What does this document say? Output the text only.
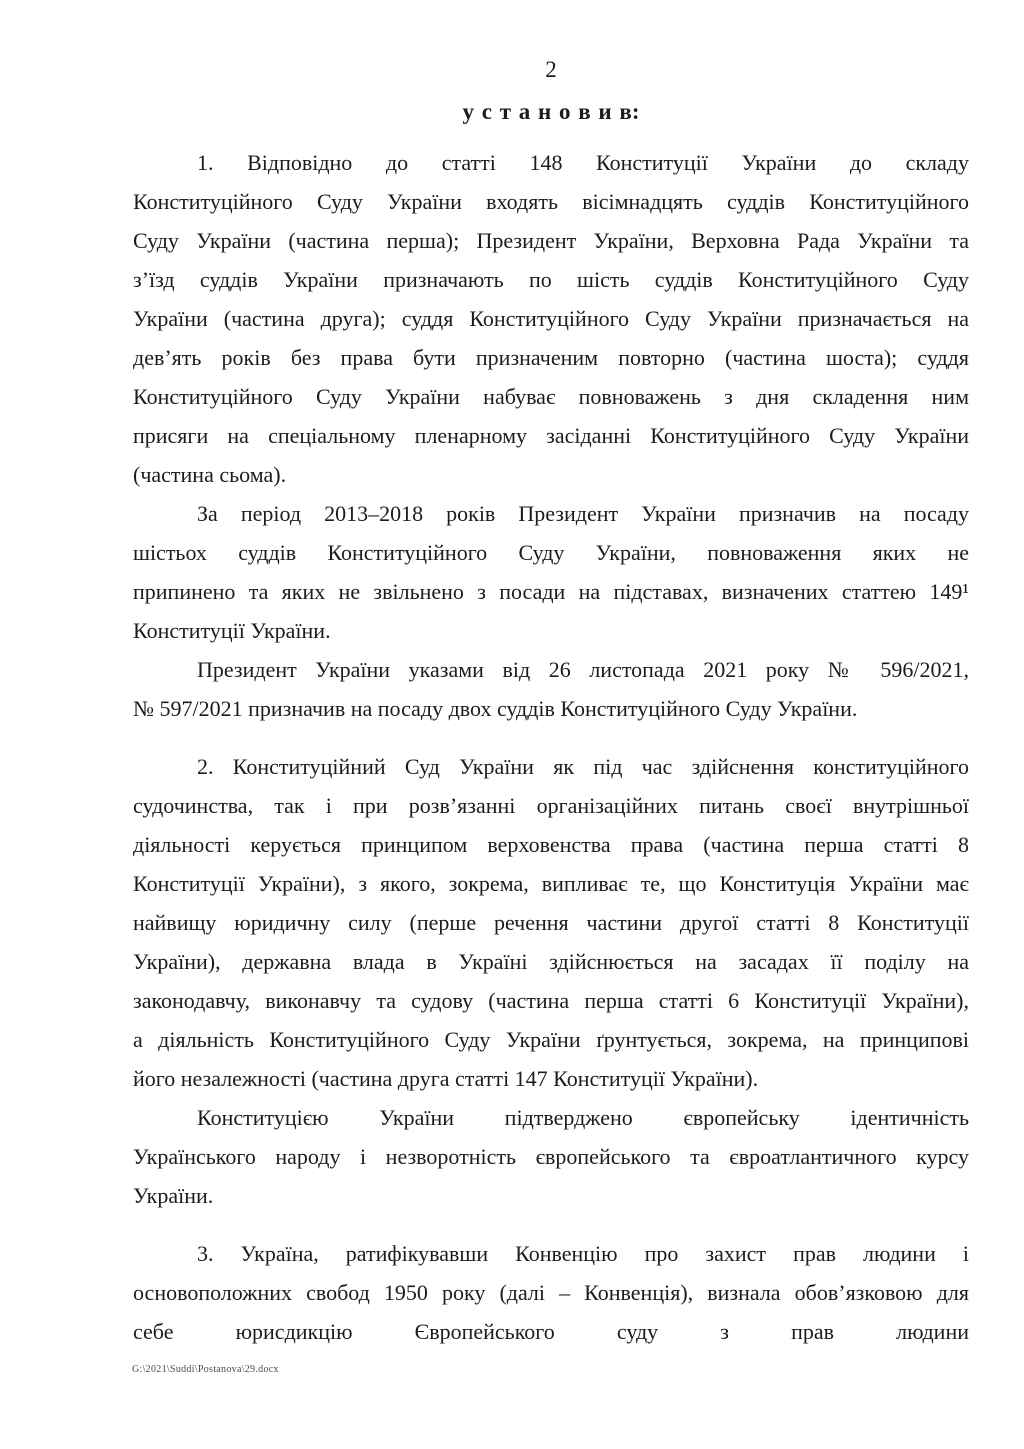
2
у с т а н о в и в:
1. Відповідно до статті 148 Конституції України до складу
Конституційного Суду України входять вісімнадцять суддів Конституційного
Суду України (частина перша); Президент України, Верховна Рада України та
з’їзд суддів України призначають по шість суддів Конституційного Суду
України (частина друга); суддя Конституційного Суду України призначається на
дев’ять років без права бути призначеним повторно (частина шоста); суддя
Конституційного Суду України набуває повноважень з дня складення ним
присяги на спеціальному пленарному засіданні Конституційного Суду України
(частина сьома).
За період 2013–2018 років Президент України призначив на посаду
шістьох суддів Конституційного Суду України, повноваження яких не
припинено та яких не звільнено з посади на підставах, визначених статтею 149¹
Конституції України.
Президент України указами від 26 листопада 2021 року № 596/2021,
№ 597/2021 призначив на посаду двох суддів Конституційного Суду України.
2. Конституційний Суд України як під час здійснення конституційного
судочинства, так і при розв’язанні організаційних питань своєї внутрішньої
діяльності керується принципом верховенства права (частина перша статті 8
Конституції України), з якого, зокрема, випливає те, що Конституція України має
найвищу юридичну силу (перше речення частини другої статті 8 Конституції
України), державна влада в Україні здійснюється на засадах її поділу на
законодавчу, виконавчу та судову (частина перша статті 6 Конституції України),
а діяльність Конституційного Суду України ґрунтується, зокрема, на принципові
його незалежності (частина друга статті 147 Конституції України).
Конституцією України підтверджено європейську ідентичність
Українського народу і незворотність європейського та євроатлантичного курсу
України.
3. Україна, ратифікувавши Конвенцію про захист прав людини і
основоположних свобод 1950 року (далі – Конвенція), визнала обов’язковою для
себе юрисдикцію Європейського суду з прав людини
G:\2021\Suddi\Postanova\29.docx
